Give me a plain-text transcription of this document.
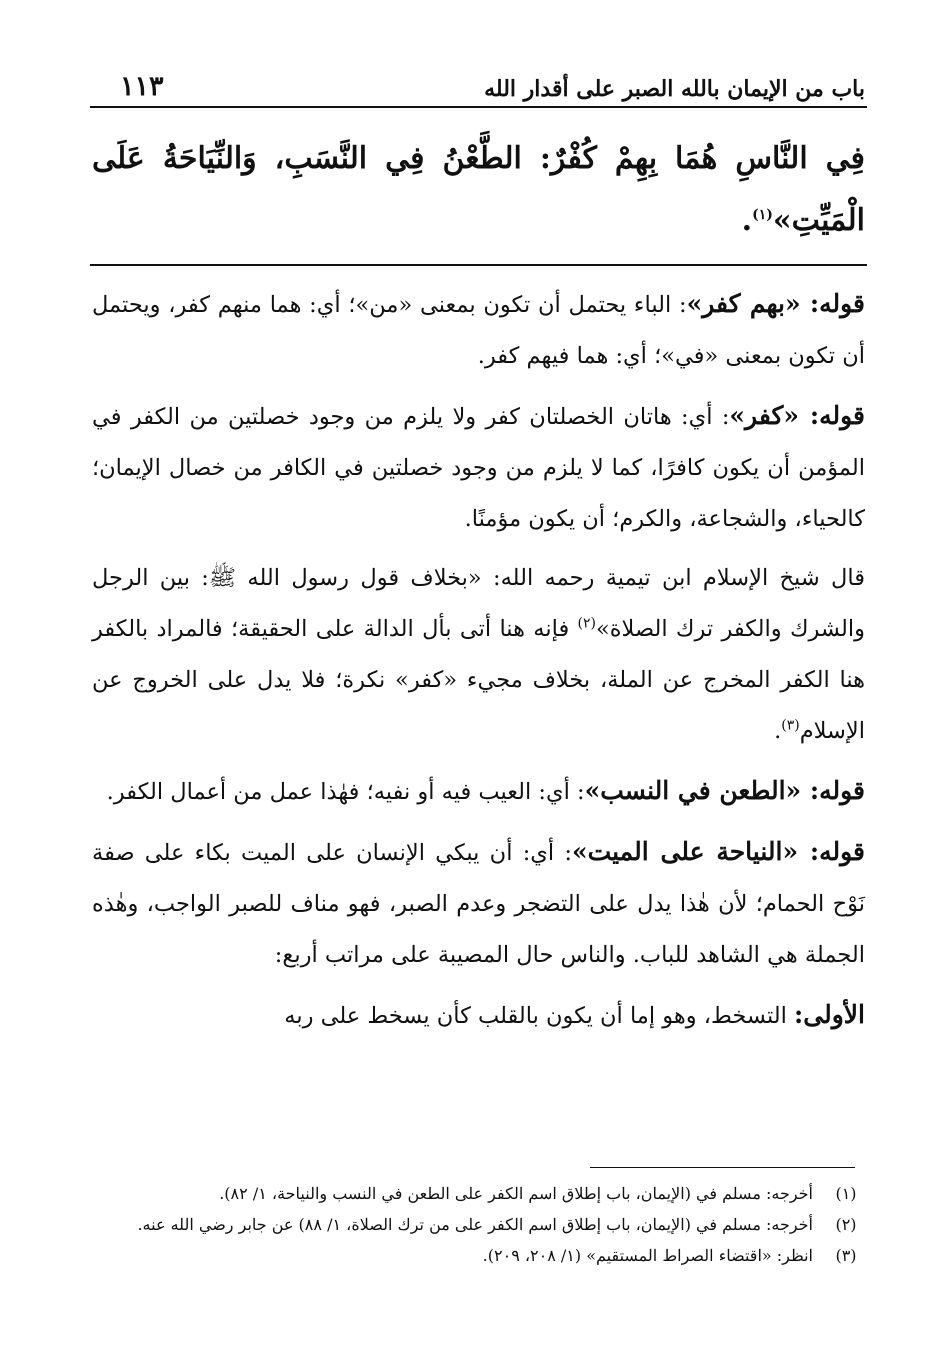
باب من الإيمان بالله الصبر على أقدار الله
١١٣
فِي النَّاسِ هُمَا بِهِمْ كُفْرٌ: الطَّعْنُ فِي النَّسَبِ، وَالنِّيَاحَةُ عَلَى الْمَيِّتِ»$^{(١)}$.

قوله: «بهم كفر»: الباء يحتمل أن تكون بمعنى «من»؛ أي: هما منهم كفر، ويحتمل أن تكون بمعنى «في»؛ أي: هما فيهم كفر.

قوله: «كفر»: أي: هاتان الخصلتان كفر ولا يلزم من وجود خصلتين من الكفر في المؤمن أن يكون كافرًا، كما لا يلزم من وجود خصلتين في الكافر من خصال الإيمان؛ كالحياء، والشجاعة، والكرم؛ أن يكون مؤمنًا.

قال شيخ الإسلام ابن تيمية رحمه الله: «بخلاف قول رسول الله ﷺ: بين الرجل والشرك والكفر ترك الصلاة»$^{(٢)}$ فإنه هنا أتى بأل الدالة على الحقيقة؛ فالمراد بالكفر هنا الكفر المخرج عن الملة، بخلاف مجيء «كفر» نكرة؛ فلا يدل على الخروج عن الإسلام$^{(٣)}$.

قوله: «الطعن في النسب»: أي: العيب فيه أو نفيه؛ فهٰذا عمل من أعمال الكفر.

قوله: «النياحة على الميت»: أي: أن يبكي الإنسان على الميت بكاء على صفة نَوْح الحمام؛ لأن هٰذا يدل على التضجر وعدم الصبر، فهو مناف للصبر الواجب، وهٰذه الجملة هي الشاهد للباب. والناس حال المصيبة على مراتب أربع:

الأولى: التسخط، وهو إما أن يكون بالقلب كأن يسخط على ربه

(١)
أخرجه: مسلم في (الإيمان، باب إطلاق اسم الكفر على الطعن في النسب والنياحة، ١/ ٨٢).
(٢)
أخرجه: مسلم في (الإيمان، باب إطلاق اسم الكفر على من ترك الصلاة، ١/ ٨٨) عن جابر رضي الله عنه.
(٣)
انظر: «اقتضاء الصراط المستقيم» (١/ ٢٠٨، ٢٠٩).
